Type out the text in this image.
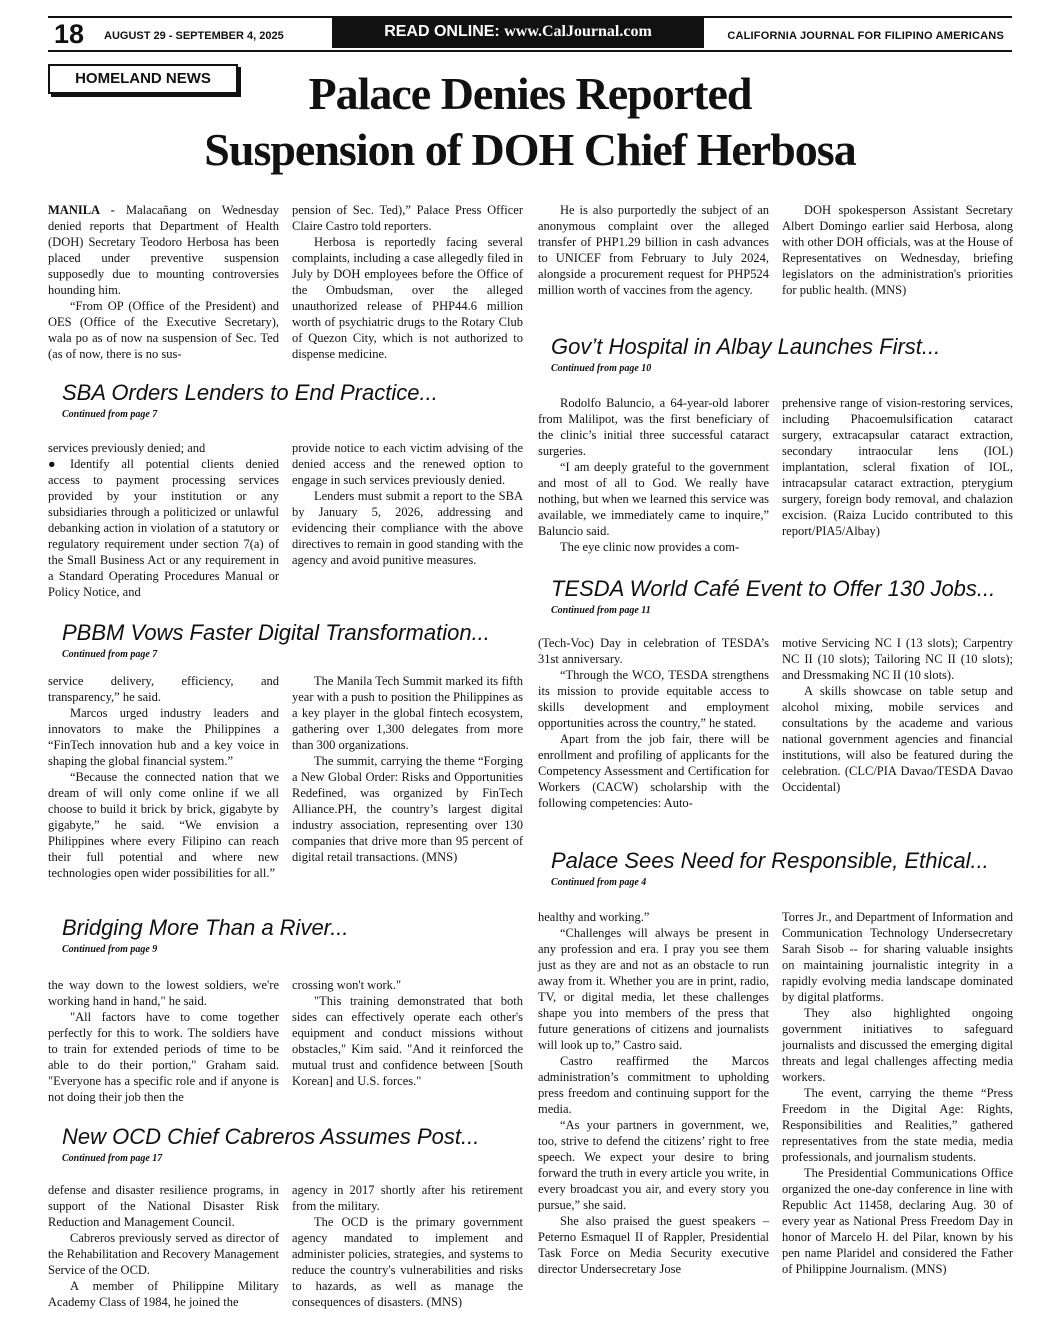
18 AUGUST 29 - SEPTEMBER 4, 2025	READ ONLINE: www.CalJournal.com	CALIFORNIA JOURNAL FOR FILIPINO AMERICANS
HOMELAND NEWS	Palace Denies Reported
Suspension of DOH Chief Herbosa

MANILA - Malacañang on Wednesday denied reports that Department of Health (DOH) Secretary Teodoro Herbosa has been placed under preventive suspension supposedly due to mounting controversies hounding him.

“From OP (Office of the President) and OES (Office of the Executive Secretary), wala po as of now na suspension of Sec. Ted (as of now, there is no sus-

pension of Sec. Ted),” Palace Press Officer Claire Castro told reporters.

Herbosa is reportedly facing several complaints, including a case allegedly filed in July by DOH employees before the Office of the Ombudsman, over the alleged unauthorized release of PHP44.6 million worth of psychiatric drugs to the Rotary Club of Quezon City, which is not authorized to dispense medicine.

He is also purportedly the subject of an anonymous complaint over the alleged transfer of PHP1.29 billion in cash advances to UNICEF from February to July 2024, alongside a procurement request for PHP524 million worth of vaccines from the agency.

DOH spokesperson Assistant Secretary Albert Domingo earlier said Herbosa, along with other DOH officials, was at the House of Representatives on Wednesday, briefing legislators on the administration's priorities for public health. (MNS)

SBA Orders Lenders to End Practice...
Continued from page 7

services previously denied; and

● Identify all potential clients denied access to payment processing services provided by your institution or any subsidiaries through a politicized or unlawful debanking action in violation of a statutory or regulatory requirement under section 7(a) of the Small Business Act or any requirement in a Standard Operating Procedures Manual or Policy Notice, and

provide notice to each victim advising of the denied access and the renewed option to engage in such services previously denied.

Lenders must submit a report to the SBA by January 5, 2026, addressing and evidencing their compliance with the above directives to remain in good standing with the agency and avoid punitive measures.

PBBM Vows Faster Digital Transformation...
Continued from page 7

service delivery, efficiency, and transparency,” he said.

Marcos urged industry leaders and innovators to make the Philippines a “FinTech innovation hub and a key voice in shaping the global financial system.”

“Because the connected nation that we dream of will only come online if we all choose to build it brick by brick, gigabyte by gigabyte,” he said. “We envision a Philippines where every Filipino can reach their full potential and where new technologies open wider possibilities for all.”

The Manila Tech Summit marked its fifth year with a push to position the Philippines as a key player in the global fintech ecosystem, gathering over 1,300 delegates from more than 300 organizations.

The summit, carrying the theme “Forging a New Global Order: Risks and Opportunities Redefined, was organized by FinTech Alliance.PH, the country’s largest digital industry association, representing over 130 companies that drive more than 95 percent of digital retail transactions. (MNS)

Bridging More Than a River...
Continued from page 9

the way down to the lowest soldiers, we're working hand in hand," he said.

"All factors have to come together perfectly for this to work. The soldiers have to train for extended periods of time to be able to do their portion," Graham said. "Everyone has a specific role and if anyone is not doing their job then the

crossing won't work."

"This training demonstrated that both sides can effectively operate each other's equipment and conduct missions without obstacles," Kim said. "And it reinforced the mutual trust and confidence between [South Korean] and U.S. forces."

New OCD Chief Cabreros Assumes Post...
Continued from page 17

defense and disaster resilience programs, in support of the National Disaster Risk Reduction and Management Council.

Cabreros previously served as director of the Rehabilitation and Recovery Management Service of the OCD.

A member of Philippine Military Academy Class of 1984, he joined the

agency in 2017 shortly after his retirement from the military.

The OCD is the primary government agency mandated to implement and administer policies, strategies, and systems to reduce the country's vulnerabilities and risks to hazards, as well as manage the consequences of disasters. (MNS)

Gov’t Hospital in Albay Launches First...
Continued from page 10

Rodolfo Baluncio, a 64-year-old laborer from Malilipot, was the first beneficiary of the clinic’s initial three successful cataract surgeries.

“I am deeply grateful to the government and most of all to God. We really have nothing, but when we learned this service was available, we immediately came to inquire,” Baluncio said.

The eye clinic now provides a com-

prehensive range of vision-restoring services, including Phacoemulsification cataract surgery, extracapsular cataract extraction, secondary intraocular lens (IOL) implantation, scleral fixation of IOL, intracapsular cataract extraction, pterygium surgery, foreign body removal, and chalazion excision. (Raiza Lucido contributed to this report/PIA5/Albay)

TESDA World Café Event to Offer 130 Jobs...
Continued from page 11

(Tech-Voc) Day in celebration of TESDA’s 31st anniversary.

“Through the WCO, TESDA strengthens its mission to provide equitable access to skills development and employment opportunities across the country,” he stated.

Apart from the job fair, there will be enrollment and profiling of applicants for the Competency Assessment and Certification for Workers (CACW) scholarship with the following competencies: Auto-

motive Servicing NC I (13 slots); Carpentry NC II (10 slots); Tailoring NC II (10 slots); and Dressmaking NC II (10 slots).

A skills showcase on table setup and alcohol mixing, mobile services and consultations by the academe and various national government agencies and financial institutions, will also be featured during the celebration. (CLC/PIA Davao/TESDA Davao Occidental)

Palace Sees Need for Responsible, Ethical...
Continued from page 4

healthy and working.”

“Challenges will always be present in any profession and era. I pray you see them just as they are and not as an obstacle to run away from it. Whether you are in print, radio, TV, or digital media, let these challenges shape you into members of the press that future generations of citizens and journalists will look up to,” Castro said.

Castro reaffirmed the Marcos administration’s commitment to upholding press freedom and continuing support for the media.

“As your partners in government, we, too, strive to defend the citizens’ right to free speech. We expect your desire to bring forward the truth in every article you write, in every broadcast you air, and every story you pursue,” she said.

She also praised the guest speakers – Peterno Esmaquel II of Rappler, Presidential Task Force on Media Security executive director Undersecretary Jose

Torres Jr., and Department of Information and Communication Technology Undersecretary Sarah Sisob -- for sharing valuable insights on maintaining journalistic integrity in a rapidly evolving media landscape dominated by digital platforms.

They also highlighted ongoing government initiatives to safeguard journalists and discussed the emerging digital threats and legal challenges affecting media workers.

The event, carrying the theme “Press Freedom in the Digital Age: Rights, Responsibilities and Realities,” gathered representatives from the state media, media professionals, and journalism students.

The Presidential Communications Office organized the one-day conference in line with Republic Act 11458, declaring Aug. 30 of every year as National Press Freedom Day in honor of Marcelo H. del Pilar, known by his pen name Plaridel and considered the Father of Philippine Journalism. (MNS)
